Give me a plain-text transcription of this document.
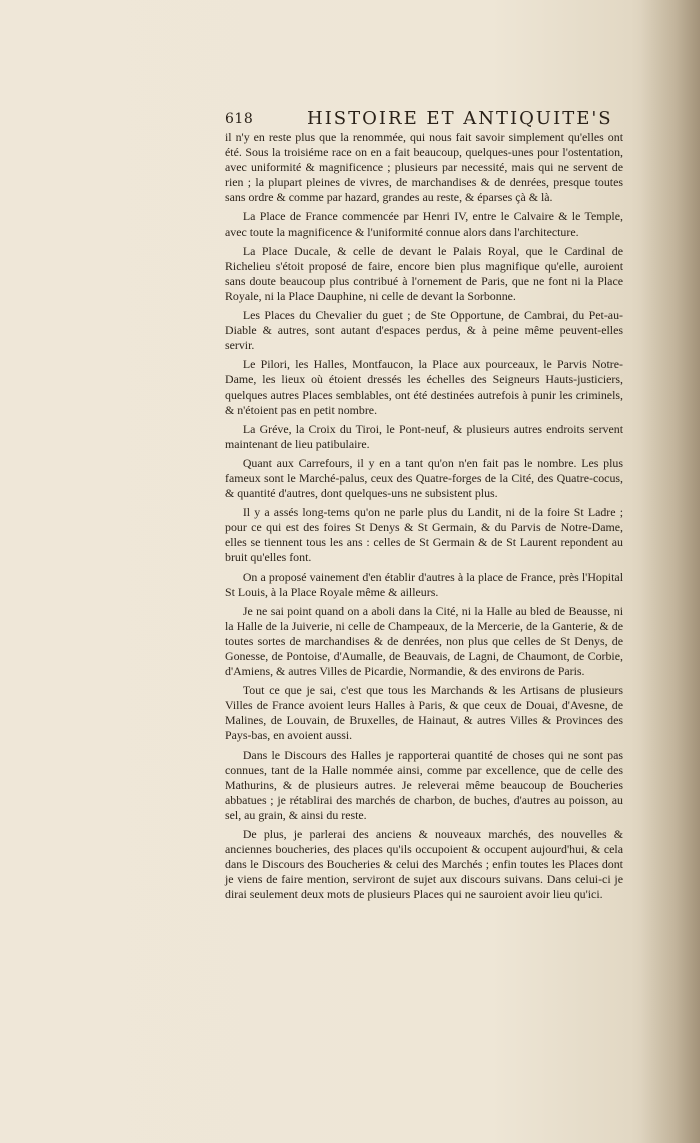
618	HISTOIRE ET ANTIQUITE'S

il n'y en reste plus que la renommée, qui nous fait savoir simplement qu'elles ont été. Sous la troisiéme race on en a fait beaucoup, quelques-unes pour l'ostentation, avec uniformité & magnificence ; plusieurs par necessité, mais qui ne servent de rien ; la plupart pleines de vivres, de marchandises & de denrées, presque toutes sans ordre & comme par hazard, grandes au reste, & éparses çà & là.

La Place de France commencée par Henri IV, entre le Calvaire & le Temple, avec toute la magnificence & l'uniformité connue alors dans l'architecture.

La Place Ducale, & celle de devant le Palais Royal, que le Cardinal de Richelieu s'étoit proposé de faire, encore bien plus magnifique qu'elle, auroient sans doute beaucoup plus contribué à l'ornement de Paris, que ne font ni la Place Royale, ni la Place Dauphine, ni celle de devant la Sorbonne.

Les Places du Chevalier du guet ; de Ste Opportune, de Cambrai, du Pet-au-Diable & autres, sont autant d'espaces perdus, & à peine même peuvent-elles servir.

Le Pilori, les Halles, Montfaucon, la Place aux pourceaux, le Parvis Notre-Dame, les lieux où étoient dressés les échelles des Seigneurs Hauts-justiciers, quelques autres Places semblables, ont été destinées autrefois à punir les criminels, & n'étoient pas en petit nombre.

La Gréve, la Croix du Tiroi, le Pont-neuf, & plusieurs autres endroits servent maintenant de lieu patibulaire.

Quant aux Carrefours, il y en a tant qu'on n'en fait pas le nombre. Les plus fameux sont le Marché-palus, ceux des Quatre-forges de la Cité, des Quatre-cocus, & quantité d'autres, dont quelques-uns ne subsistent plus.

Il y a assés long-tems qu'on ne parle plus du Landit, ni de la foire St Ladre ; pour ce qui est des foires St Denys & St Germain, & du Parvis de Notre-Dame, elles se tiennent tous les ans : celles de St Germain & de St Laurent repondent au bruit qu'elles font.

On a proposé vainement d'en établir d'autres à la place de France, près l'Hopital St Louis, à la Place Royale même & ailleurs.

Je ne sai point quand on a aboli dans la Cité, ni la Halle au bled de Beausse, ni la Halle de la Juiverie, ni celle de Champeaux, de la Mercerie, de la Ganterie, & de toutes sortes de marchandises & de denrées, non plus que celles de St Denys, de Gonesse, de Pontoise, d'Aumalle, de Beauvais, de Lagni, de Chaumont, de Corbie, d'Amiens, & autres Villes de Picardie, Normandie, & des environs de Paris.

Tout ce que je sai, c'est que tous les Marchands & les Artisans de plusieurs Villes de France avoient leurs Halles à Paris, & que ceux de Douai, d'Avesne, de Malines, de Louvain, de Bruxelles, de Hainaut, & autres Villes & Provinces des Pays-bas, en avoient aussi.

Dans le Discours des Halles je rapporterai quantité de choses qui ne sont pas connues, tant de la Halle nommée ainsi, comme par excellence, que de celle des Mathurins, & de plusieurs autres. Je releverai même beaucoup de Boucheries abbatues ; je rétablirai des marchés de charbon, de buches, d'autres au poisson, au sel, au grain, & ainsi du reste.

De plus, je parlerai des anciens & nouveaux marchés, des nouvelles & anciennes boucheries, des places qu'ils occupoient & occupent aujourd'hui, & cela dans le Discours des Boucheries & celui des Marchés ; enfin toutes les Places dont je viens de faire mention, serviront de sujet aux discours suivans. Dans celui-ci je dirai seulement deux mots de plusieurs Places qui ne sauroient avoir lieu qu'ici.
